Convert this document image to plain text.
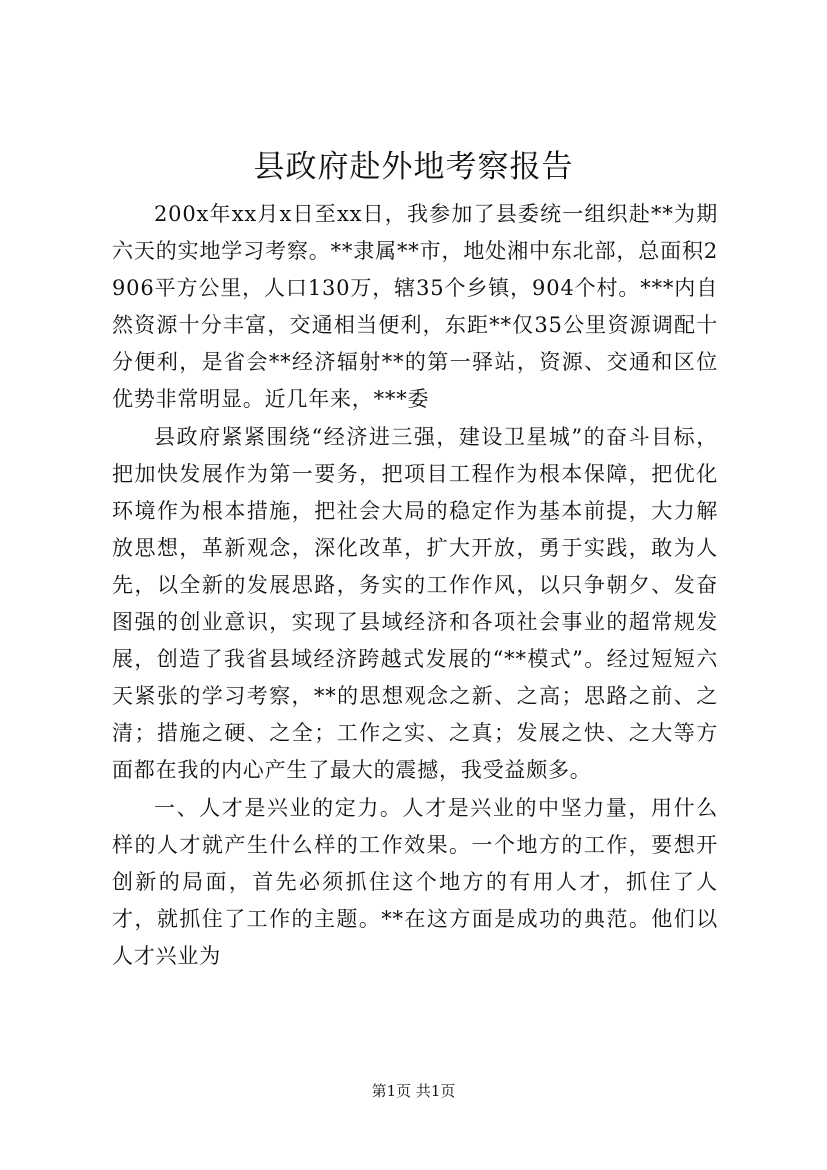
县政府赴外地考察报告

200x年xx月x日至xx日，我参加了县委统一组织赴**为期六天的实地学习考察。**隶属**市，地处湘中东北部，总面积2906平方公里，人口130万，辖35个乡镇，904个村。***内自然资源十分丰富，交通相当便利，东距**仅35公里资源调配十分便利，是省会**经济辐射**的第一驿站，资源、交通和区位优势非常明显。近几年来，***委

县政府紧紧围绕“经济进三强，建设卫星城”的奋斗目标，把加快发展作为第一要务，把项目工程作为根本保障，把优化环境作为根本措施，把社会大局的稳定作为基本前提，大力解放思想，革新观念，深化改革，扩大开放，勇于实践，敢为人先，以全新的发展思路，务实的工作作风，以只争朝夕、发奋图强的创业意识，实现了县域经济和各项社会事业的超常规发展，创造了我省县域经济跨越式发展的“**模式”。经过短短六天紧张的学习考察，**的思想观念之新、之高；思路之前、之清；措施之硬、之全；工作之实、之真；发展之快、之大等方面都在我的内心产生了最大的震撼，我受益颇多。

一、人才是兴业的定力。人才是兴业的中坚力量，用什么样的人才就产生什么样的工作效果。一个地方的工作，要想开创新的局面，首先必须抓住这个地方的有用人才，抓住了人才，就抓住了工作的主题。**在这方面是成功的典范。他们以人才兴业为

第1页 共1页
